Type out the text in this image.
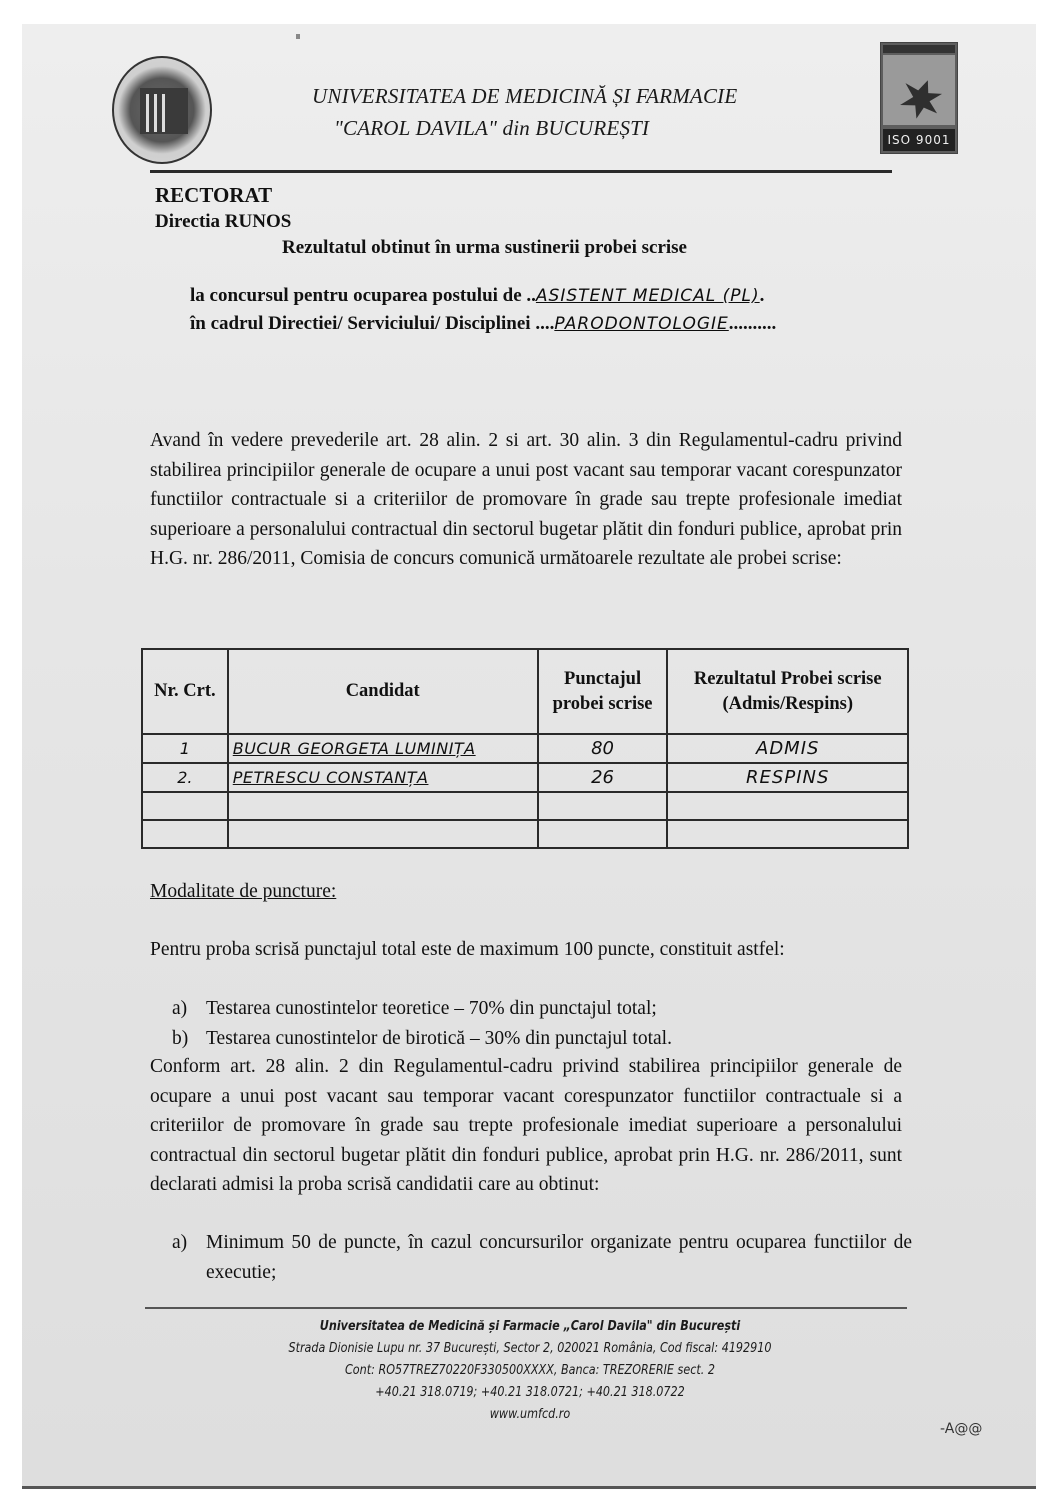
UNIVERSITATEA DE MEDICINĂ ȘI FARMACIE
"CAROL DAVILA" din BUCUREȘTI	ISO 9001
RECTORAT
Directia RUNOS
Rezultatul obtinut în urma sustinerii probei scrise
la concursul pentru ocuparea postului de ..ASISTENT MEDICAL (PL).
în cadrul Directiei/ Serviciului/ Disciplinei ....PARODONTOLOGIE..........
Avand în vedere prevederile art. 28 alin. 2 si art. 30 alin. 3 din Regulamentul-cadru privind stabilirea principiilor generale de ocupare a unui post vacant sau temporar vacant corespunzator functiilor contractuale si a criteriilor de promovare în grade sau trepte profesionale imediat superioare a personalului contractual din sectorul bugetar plătit din fonduri publice, aprobat prin H.G. nr. 286/2011, Comisia de concurs comunică următoarele rezultate ale probei scrise:
Nr. Crt.	Candidat	Punctajul probei scrise	Rezultatul Probei scrise (Admis/Respins)
1	BUCUR GEORGETA LUMINIȚA	80	ADMIS
2.	PETRESCU CONSTANȚA	26	RESPINS

Modalitate de puncture:
Pentru proba scrisă punctajul total este de maximum 100 puncte, constituit astfel:
a) Testarea cunostintelor teoretice – 70% din punctajul total;
b) Testarea cunostintelor de birotică – 30% din punctajul total.
Conform art. 28 alin. 2 din Regulamentul-cadru privind stabilirea principiilor generale de ocupare a unui post vacant sau temporar vacant corespunzator functiilor contractuale si a criteriilor de promovare în grade sau trepte profesionale imediat superioare a personalului contractual din sectorul bugetar plătit din fonduri publice, aprobat prin H.G. nr. 286/2011, sunt declarati admisi la proba scrisă candidatii care au obtinut:
a) Minimum 50 de puncte, în cazul concursurilor organizate pentru ocuparea functiilor de executie;
Universitatea de Medicină și Farmacie „Carol Davila" din București
Strada Dionisie Lupu nr. 37 București, Sector 2, 020021 România, Cod fiscal: 4192910
Cont: RO57TREZ70220F330500XXXX, Banca: TREZORERIE sect. 2
+40.21 318.0719; +40.21 318.0721; +40.21 318.0722
www.umfcd.ro
-A@@
